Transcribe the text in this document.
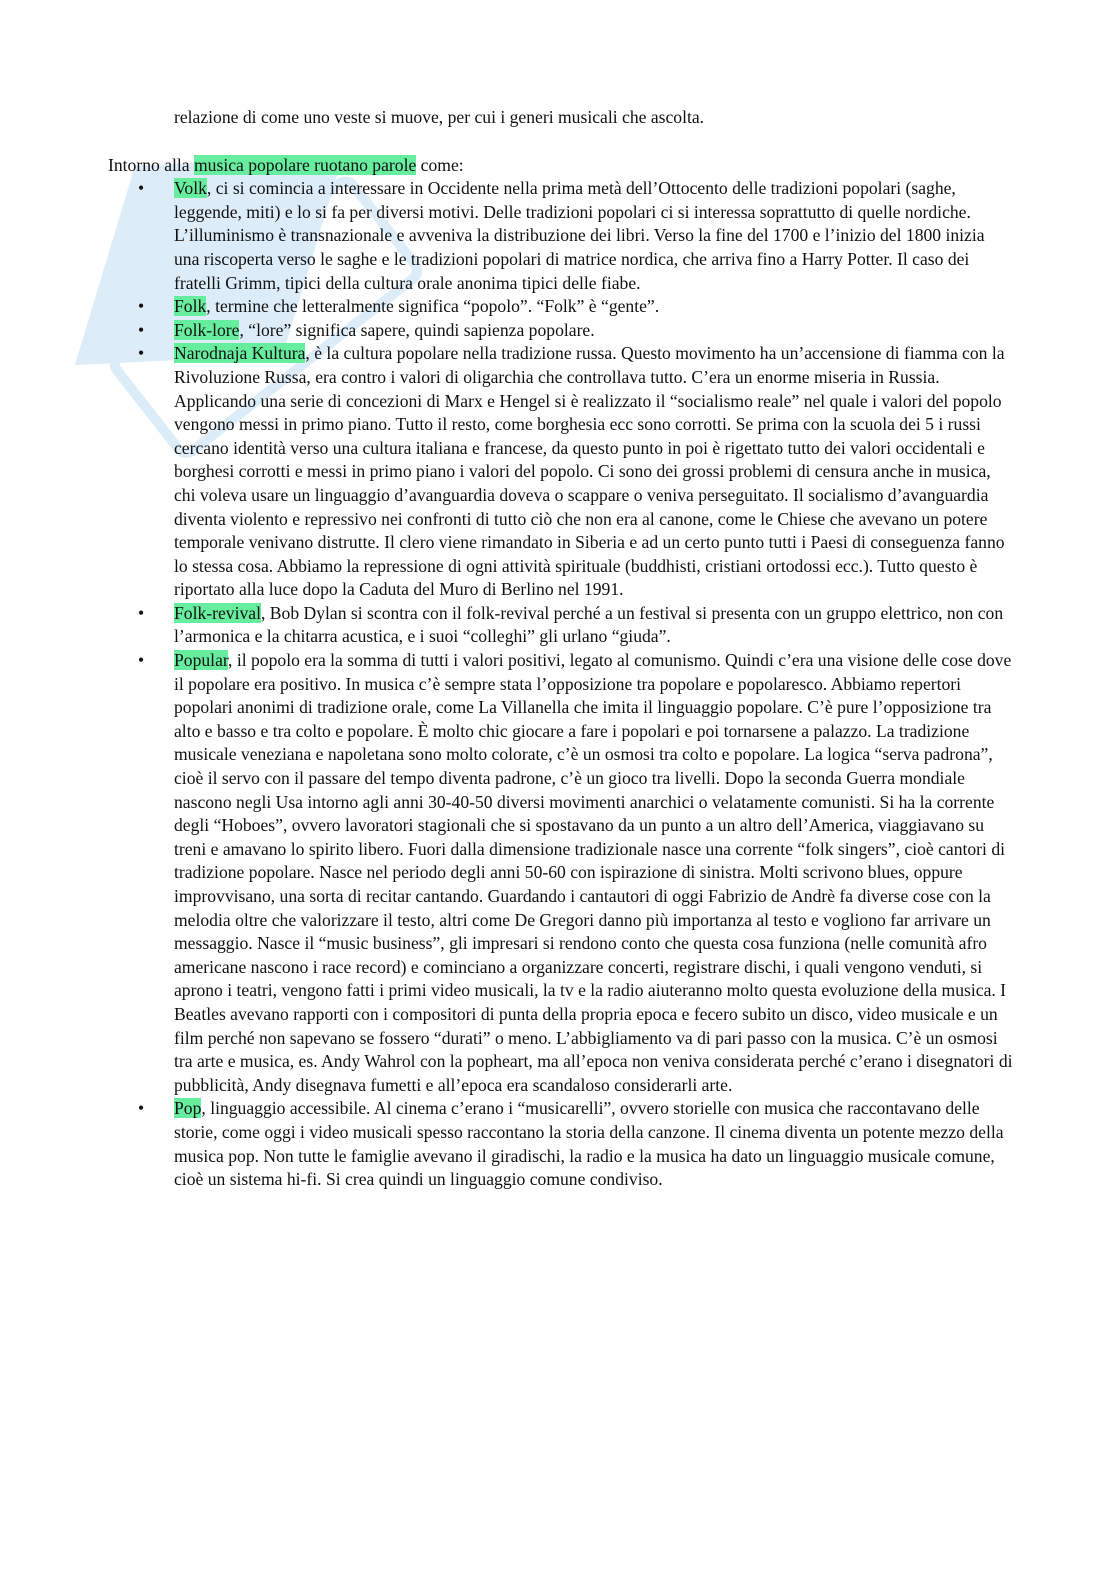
relazione di come uno veste si muove, per cui i generi musicali che ascolta.

Intorno alla musica popolare ruotano parole come:

• Volk, ci si comincia a interessare in Occidente nella prima metà dell’Ottocento delle tradizioni popolari (saghe, leggende, miti) e lo si fa per diversi motivi. Delle tradizioni popolari ci si interessa soprattutto di quelle nordiche. L’illuminismo è transnazionale e avveniva la distribuzione dei libri. Verso la fine del 1700 e l’inizio del 1800 inizia una riscoperta verso le saghe e le tradizioni popolari di matrice nordica, che arriva fino a Harry Potter. Il caso dei fratelli Grimm, tipici della cultura orale anonima tipici delle fiabe.
• Folk, termine che letteralmente significa “popolo”. “Folk” è “gente”.
• Folk-lore, “lore” significa sapere, quindi sapienza popolare.
• Narodnaja Kultura, è la cultura popolare nella tradizione russa. Questo movimento ha un’accensione di fiamma con la Rivoluzione Russa, era contro i valori di oligarchia che controllava tutto. C’era un enorme miseria in Russia. Applicando una serie di concezioni di Marx e Hengel si è realizzato il “socialismo reale” nel quale i valori del popolo vengono messi in primo piano. Tutto il resto, come borghesia ecc sono corrotti. Se prima con la scuola dei 5 i russi cercano identità verso una cultura italiana e francese, da questo punto in poi è rigettato tutto dei valori occidentali e borghesi corrotti e messi in primo piano i valori del popolo. Ci sono dei grossi problemi di censura anche in musica, chi voleva usare un linguaggio d’avanguardia doveva o scappare o veniva perseguitato. Il socialismo d’avanguardia diventa violento e repressivo nei confronti di tutto ciò che non era al canone, come le Chiese che avevano un potere temporale venivano distrutte. Il clero viene rimandato in Siberia e ad un certo punto tutti i Paesi di conseguenza fanno lo stessa cosa. Abbiamo la repressione di ogni attività spirituale (buddhisti, cristiani ortodossi ecc.). Tutto questo è riportato alla luce dopo la Caduta del Muro di Berlino nel 1991.
• Folk-revival, Bob Dylan si scontra con il folk-revival perché a un festival si presenta con un gruppo elettrico, non con l’armonica e la chitarra acustica, e i suoi “colleghi” gli urlano “giuda”.
• Popular, il popolo era la somma di tutti i valori positivi, legato al comunismo. Quindi c’era una visione delle cose dove il popolare era positivo. In musica c’è sempre stata l’opposizione tra popolare e popolaresco. Abbiamo repertori popolari anonimi di tradizione orale, come La Villanella che imita il linguaggio popolare. C’è pure l’opposizione tra alto e basso e tra colto e popolare. È molto chic giocare a fare i popolari e poi tornarsene a palazzo. La tradizione musicale veneziana e napoletana sono molto colorate, c’è un osmosi tra colto e popolare. La logica “serva padrona”, cioè il servo con il passare del tempo diventa padrone, c’è un gioco tra livelli. Dopo la seconda Guerra mondiale nascono negli Usa intorno agli anni 30-40-50 diversi movimenti anarchici o velatamente comunisti. Si ha la corrente degli “Hoboes”, ovvero lavoratori stagionali che si spostavano da un punto a un altro dell’America, viaggiavano su treni e amavano lo spirito libero. Fuori dalla dimensione tradizionale nasce una corrente “folk singers”, cioè cantori di tradizione popolare. Nasce nel periodo degli anni 50-60 con ispirazione di sinistra. Molti scrivono blues, oppure improvvisano, una sorta di recitar cantando. Guardando i cantautori di oggi Fabrizio de Andrè fa diverse cose con la melodia oltre che valorizzare il testo, altri come De Gregori danno più importanza al testo e vogliono far arrivare un messaggio. Nasce il “music business”, gli impresari si rendono conto che questa cosa funziona (nelle comunità afro americane nascono i race record) e cominciano a organizzare concerti, registrare dischi, i quali vengono venduti, si aprono i teatri, vengono fatti i primi video musicali, la tv e la radio aiuteranno molto questa evoluzione della musica. I Beatles avevano rapporti con i compositori di punta della propria epoca e fecero subito un disco, video musicale e un film perché non sapevano se fossero “durati” o meno. L’abbigliamento va di pari passo con la musica. C’è un osmosi tra arte e musica, es. Andy Wahrol con la popheart, ma all’epoca non veniva considerata perché c’erano i disegnatori di pubblicità, Andy disegnava fumetti e all’epoca era scandaloso considerarli arte.
• Pop, linguaggio accessibile. Al cinema c’erano i “musicarelli”, ovvero storielle con musica che raccontavano delle storie, come oggi i video musicali spesso raccontano la storia della canzone. Il cinema diventa un potente mezzo della musica pop. Non tutte le famiglie avevano il giradischi, la radio e la musica ha dato un linguaggio musicale comune, cioè un sistema hi-fi. Si crea quindi un linguaggio comune condiviso.
